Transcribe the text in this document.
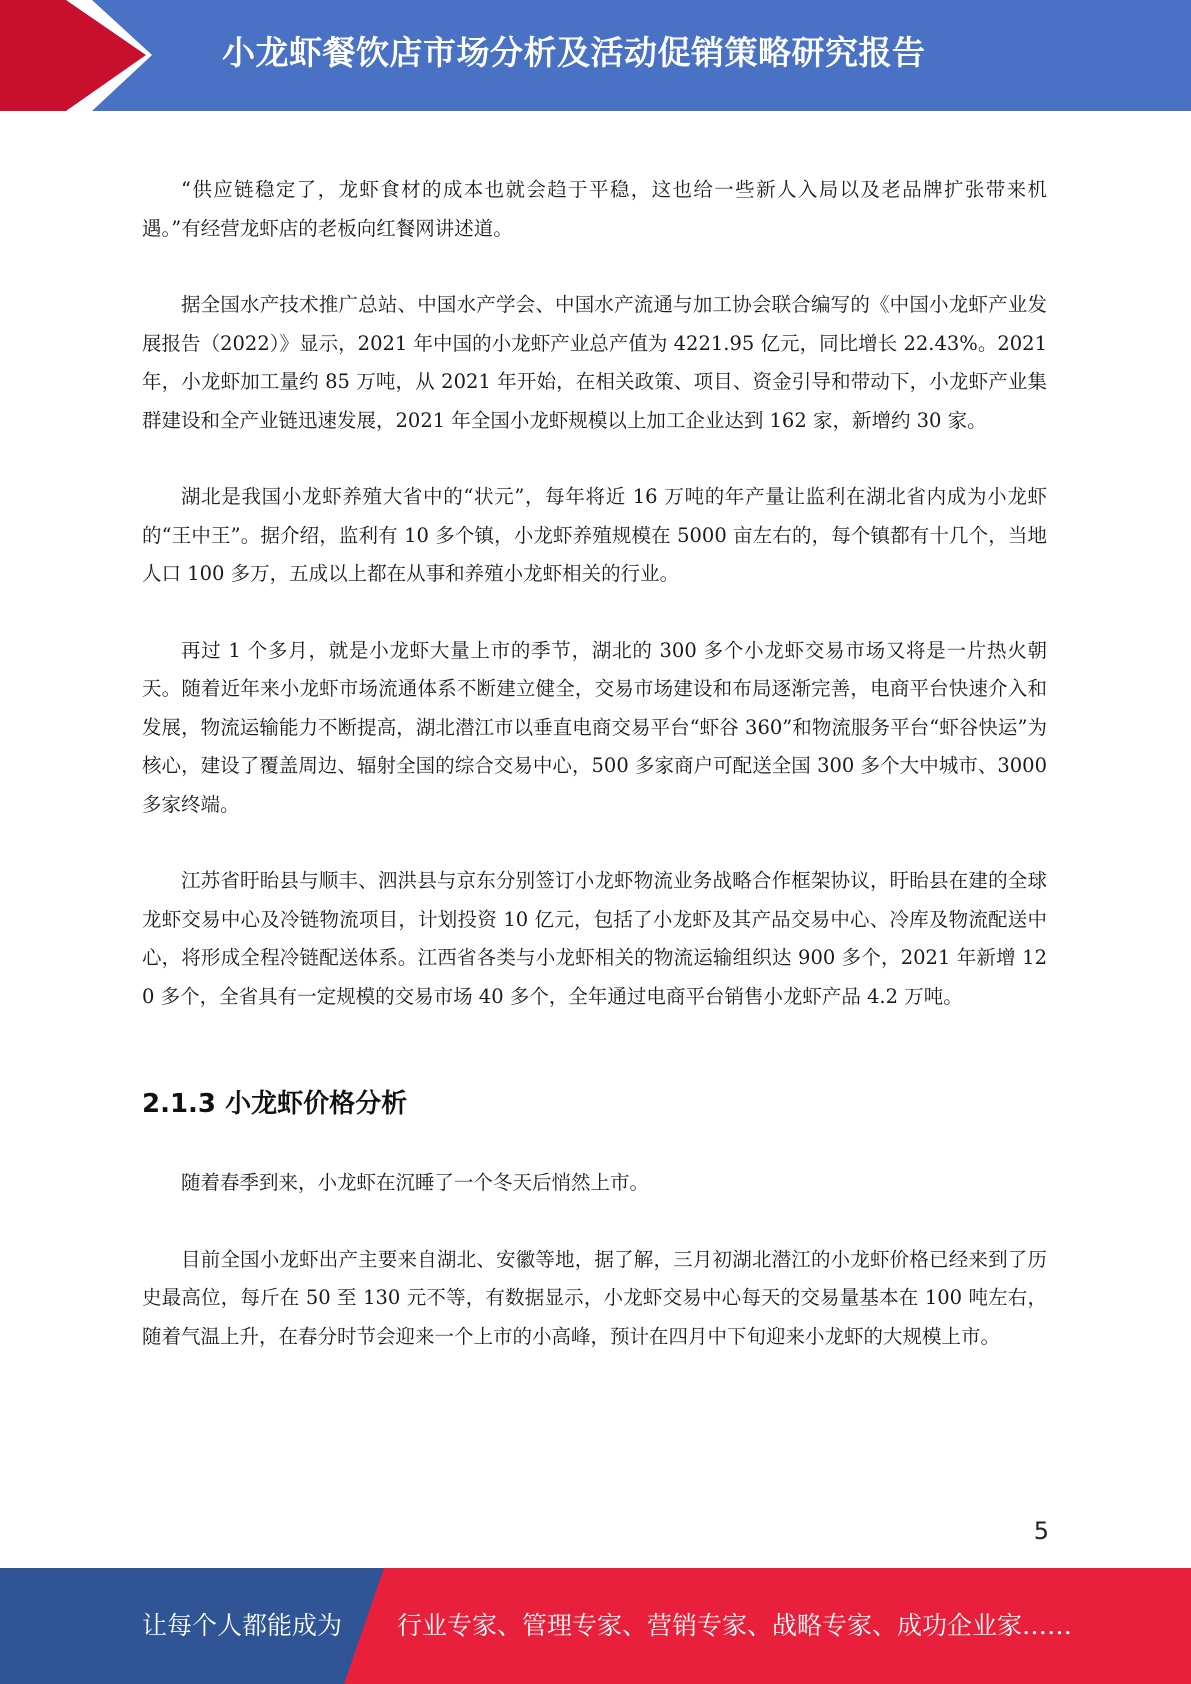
小龙虾餐饮店市场分析及活动促销策略研究报告

“供应链稳定了，龙虾食材的成本也就会趋于平稳，这也给一些新人入局以及老品牌扩张带来机遇。”有经营龙虾店的老板向红餐网讲述道。

据全国水产技术推广总站、中国水产学会、中国水产流通与加工协会联合编写的《中国小龙虾产业发展报告（2022）》显示，2021 年中国的小龙虾产业总产值为 4221.95 亿元，同比增长 22.43%。2021 年，小龙虾加工量约 85 万吨，从 2021 年开始，在相关政策、项目、资金引导和带动下，小龙虾产业集群建设和全产业链迅速发展，2021 年全国小龙虾规模以上加工企业达到 162 家，新增约 30 家。

湖北是我国小龙虾养殖大省中的“状元”，每年将近 16 万吨的年产量让监利在湖北省内成为小龙虾的“王中王”。据介绍，监利有 10 多个镇，小龙虾养殖规模在 5000 亩左右的，每个镇都有十几个，当地人口 100 多万，五成以上都在从事和养殖小龙虾相关的行业。

再过 1 个多月，就是小龙虾大量上市的季节，湖北的 300 多个小龙虾交易市场又将是一片热火朝天。随着近年来小龙虾市场流通体系不断建立健全，交易市场建设和布局逐渐完善，电商平台快速介入和发展，物流运输能力不断提高，湖北潜江市以垂直电商交易平台“虾谷 360”和物流服务平台“虾谷快运”为核心，建设了覆盖周边、辐射全国的综合交易中心，500 多家商户可配送全国 300 多个大中城市、3000 多家终端。

江苏省盱眙县与顺丰、泗洪县与京东分别签订小龙虾物流业务战略合作框架协议，盱眙县在建的全球龙虾交易中心及冷链物流项目，计划投资 10 亿元，包括了小龙虾及其产品交易中心、冷库及物流配送中心，将形成全程冷链配送体系。江西省各类与小龙虾相关的物流运输组织达 900 多个，2021 年新增 120 多个，全省具有一定规模的交易市场 40 多个，全年通过电商平台销售小龙虾产品 4.2 万吨。

2.1.3 小龙虾价格分析

随着春季到来，小龙虾在沉睡了一个冬天后悄然上市。

目前全国小龙虾出产主要来自湖北、安徽等地，据了解，三月初湖北潜江的小龙虾价格已经来到了历史最高位，每斤在 50 至 130 元不等，有数据显示，小龙虾交易中心每天的交易量基本在 100 吨左右，随着气温上升，在春分时节会迎来一个上市的小高峰，预计在四月中下旬迎来小龙虾的大规模上市。

5
让每个人都能成为 行业专家、管理专家、营销专家、战略专家、成功企业家……
